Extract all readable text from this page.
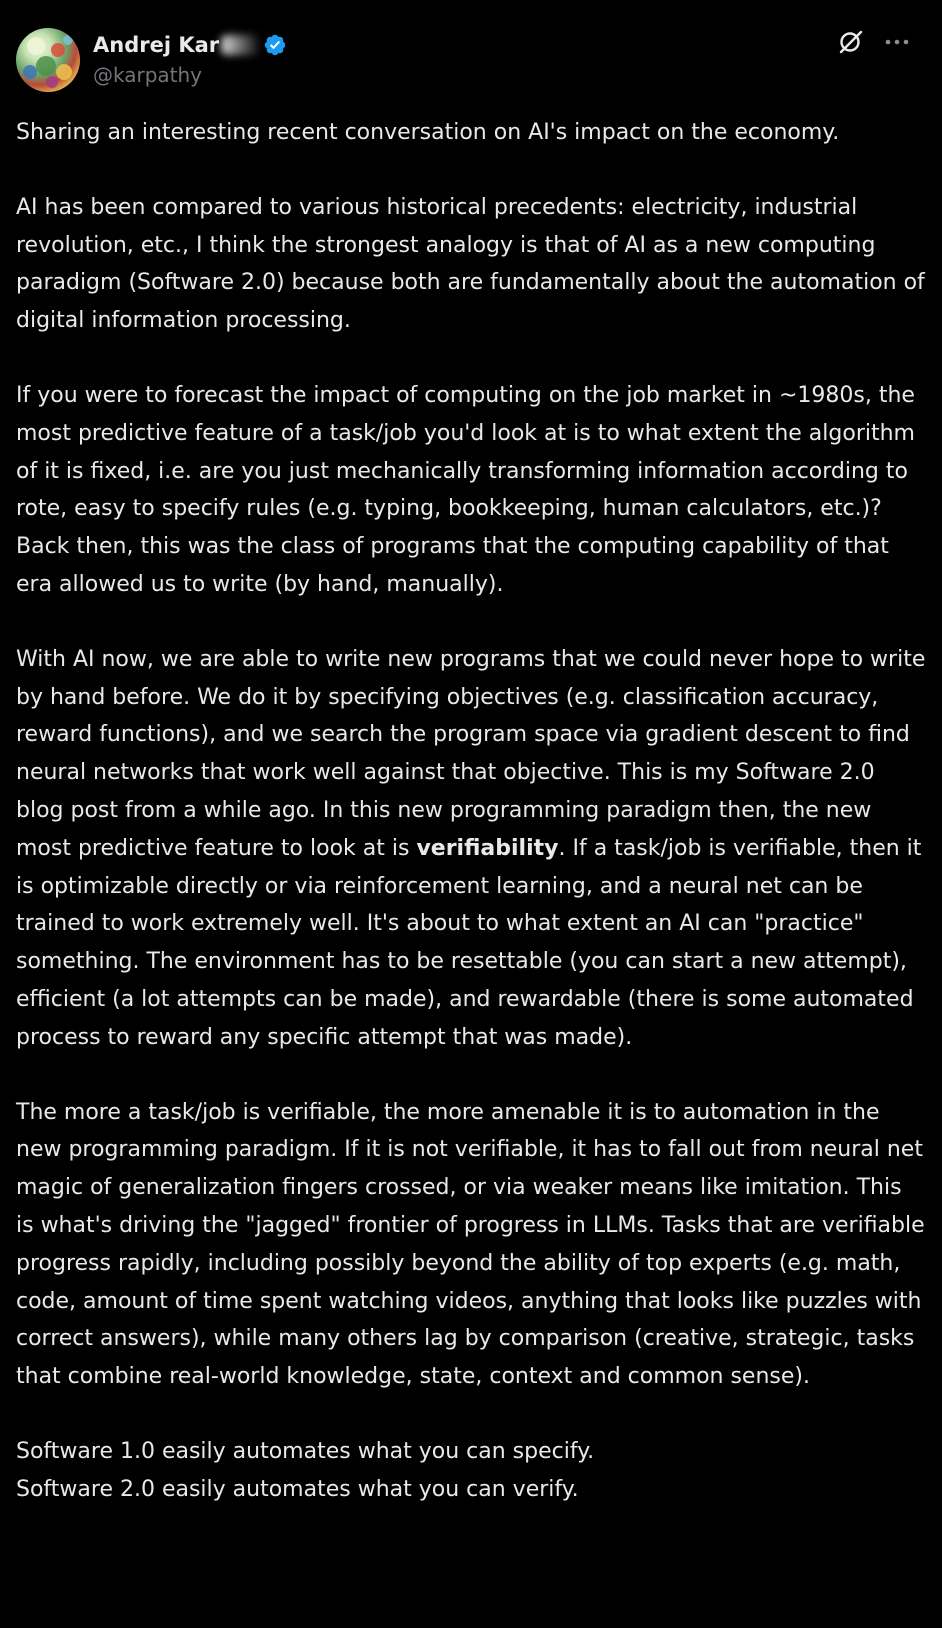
Andrej Kar
@karpathy

Sharing an interesting recent conversation on AI's impact on the economy.

AI has been compared to various historical precedents: electricity, industrial revolution, etc., I think the strongest analogy is that of AI as a new computing paradigm (Software 2.0) because both are fundamentally about the automation of digital information processing.

If you were to forecast the impact of computing on the job market in ~1980s, the most predictive feature of a task/job you'd look at is to what extent the algorithm of it is fixed, i.e. are you just mechanically transforming information according to rote, easy to specify rules (e.g. typing, bookkeeping, human calculators, etc.)? Back then, this was the class of programs that the computing capability of that era allowed us to write (by hand, manually).

With AI now, we are able to write new programs that we could never hope to write by hand before. We do it by specifying objectives (e.g. classification accuracy, reward functions), and we search the program space via gradient descent to find neural networks that work well against that objective. This is my Software 2.0 blog post from a while ago. In this new programming paradigm then, the new most predictive feature to look at is verifiability. If a task/job is verifiable, then it is optimizable directly or via reinforcement learning, and a neural net can be trained to work extremely well. It's about to what extent an AI can "practice" something. The environment has to be resettable (you can start a new attempt), efficient (a lot attempts can be made), and rewardable (there is some automated process to reward any specific attempt that was made).

The more a task/job is verifiable, the more amenable it is to automation in the new programming paradigm. If it is not verifiable, it has to fall out from neural net magic of generalization fingers crossed, or via weaker means like imitation. This is what's driving the "jagged" frontier of progress in LLMs. Tasks that are verifiable progress rapidly, including possibly beyond the ability of top experts (e.g. math, code, amount of time spent watching videos, anything that looks like puzzles with correct answers), while many others lag by comparison (creative, strategic, tasks that combine real-world knowledge, state, context and common sense).

Software 1.0 easily automates what you can specify.

Software 2.0 easily automates what you can verify.
